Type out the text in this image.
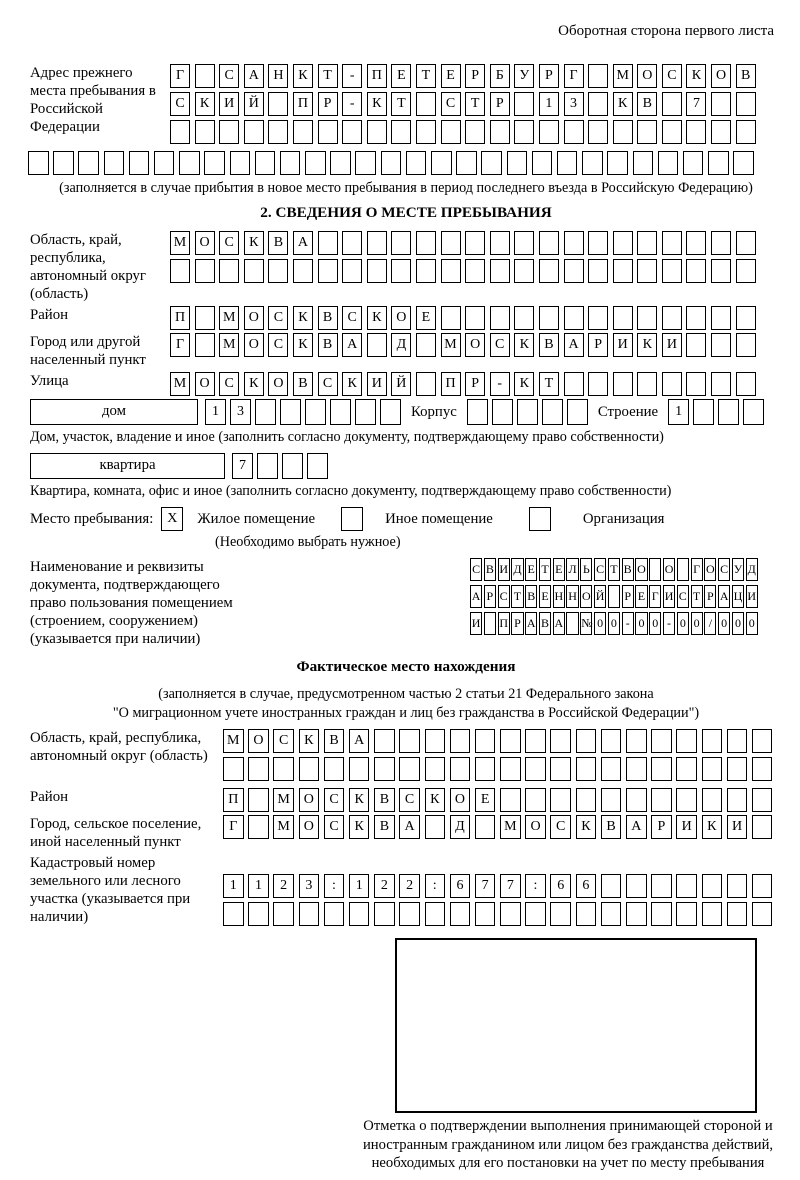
Оборотная сторона первого листа
Адрес прежнего места пребывания в Российской Федерации
Г	С	А	Н	К	Т	-	П	Е	Т	Е	Р	Б	У	Р	Г	М О	С	К	О	В
С	К	И	Й	П	Р	-	К	Т	С	Т	Р	1	3	К	В	7
(заполняется в случае прибытия в новое место пребывания в период последнего въезда в Российскую Федерацию)
2. СВЕДЕНИЯ О МЕСТЕ ПРЕБЫВАНИЯ
Область, край, республика, автономный округ (область)
М О	С	К	В	А
Район	П	М О	С	К	В	С	К	О	Е
Город или другой населенный пункт
Г	М О	С	К	В	А	Д	М О	С	К	В	А	Р	И	К	И
Улица	М О	С	К	О	В	С	К	И	Й	П	Р	-	К	Т
дом	1	3	Корпус	Строение	1
Дом, участок, владение и иное (заполнить согласно документу, подтверждающему право собственности)
квартира	7
Квартира, комната, офис и иное (заполнить согласно документу, подтверждающему право собственности)
Место пребывания: X	Жилое помещение	Иное помещение	Организация
(Необходимо выбрать нужное)
Наименование и реквизиты документа, подтверждающего право пользования помещением (строением, сооружением) (указывается при наличии)
С В И Д Е Т Е Л Ь С Т В О О Г О С У Д
А Р С Т В Е Н Н О Й Р Е Г И С Т Р А Ц И
И П Р А В А № 0 0 - 0 0 - 0 0 / 0 0 0
Фактическое место нахождения
(заполняется в случае, предусмотренном частью 2 статьи 21 Федерального закона
"О миграционном учете иностранных граждан и лиц без гражданства в Российской Федерации")
Область, край, республика, автономный округ (область)
М О	С	К	В	А
Район	П	М О	С	К	В	С	К	О	Е
Город, сельское поселение, иной населенный пункт
Г	М О	С	К	В	А	Д	М О	С	К	В	А	Р	И	К	И
Кадастровый номер земельного или лесного участка (указывается при наличии)
1	1	2	3	:	1	2	2	:	6	7	7	:	6	6
Отметка о подтверждении выполнения принимающей стороной и иностранным гражданином или лицом без гражданства действий, необходимых для его постановки на учет по месту пребывания
